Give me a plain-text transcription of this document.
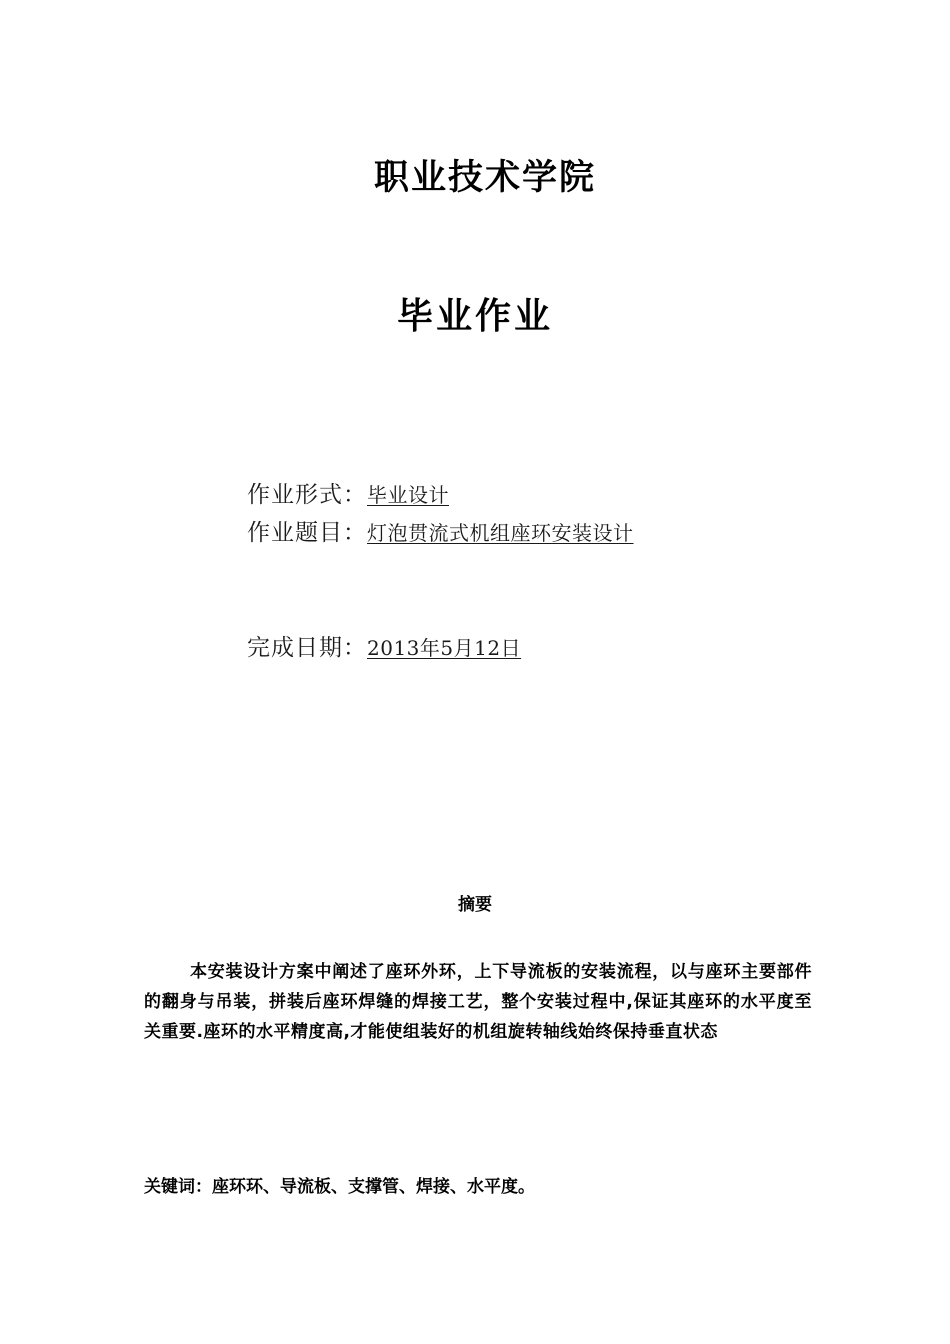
职业技术学院
毕业作业
作业形式：毕业设计
作业题目：灯泡贯流式机组座环安装设计
完成日期：2013年5月12日
摘要
本安装设计方案中阐述了座环外环，上下导流板的安装流程，以与座环主要部件的翻身与吊装，拼装后座环焊缝的焊接工艺，整个安装过程中,保证其座环的水平度至关重要.座环的水平精度高,才能使组装好的机组旋转轴线始终保持垂直状态
关键词：座环环、导流板、支撑管、焊接、水平度。
